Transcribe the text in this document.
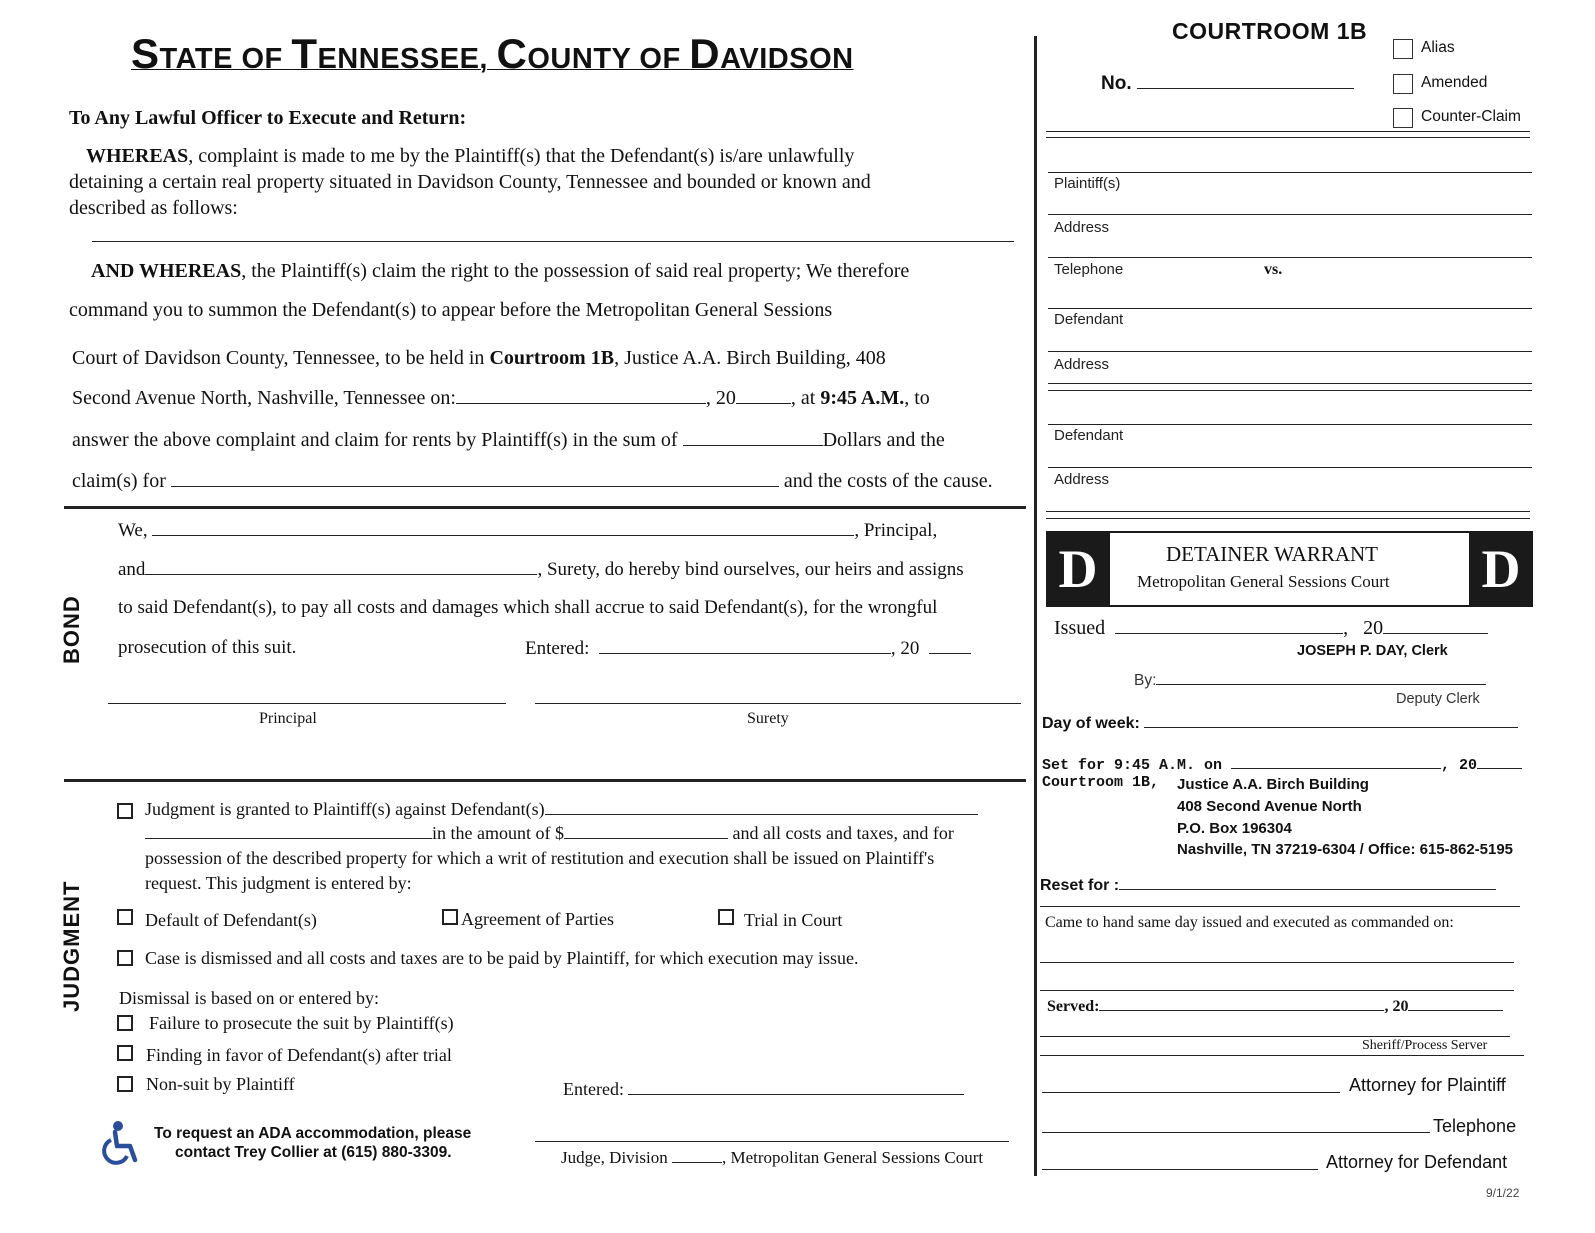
STATE OF TENNESSEE, COUNTY OF DAVIDSON
To Any Lawful Officer to Execute and Return:
WHEREAS, complaint is made to me by the Plaintiff(s) that the Defendant(s) is/are unlawfully
detaining a certain real property situated in Davidson County, Tennessee and bounded or known and
described as follows:
AND WHEREAS, the Plaintiff(s) claim the right to the possession of said real property; We therefore
command you to summon the Defendant(s) to appear before the Metropolitan General Sessions
Court of Davidson County, Tennessee, to be held in Courtroom 1B, Justice A.A. Birch Building, 408
Second Avenue North, Nashville, Tennessee on:	, 20	, at 9:45 A.M., to
answer the above complaint and claim for rents by Plaintiff(s) in the sum of	Dollars and the
claim(s) for	and the costs of the cause.
BOND
We,	, Principal,
and	, Surety, do hereby bind ourselves, our heirs and assigns
to said Defendant(s), to pay all costs and damages which shall accrue to said Defendant(s), for the wrongful
prosecution of this suit.	Entered:	, 20
Principal	Surety
JUDGMENT
Judgment is granted to Plaintiff(s) against Defendant(s)
in the amount of $	and all costs and taxes, and for
possession of the described property for which a writ of restitution and execution shall be issued on Plaintiff's
request. This judgment is entered by:
Default of Defendant(s)	Agreement of Parties	Trial in Court
Case is dismissed and all costs and taxes are to be paid by Plaintiff, for which execution may issue.
Dismissal is based on or entered by:
Failure to prosecute the suit by Plaintiff(s)
Finding in favor of Defendant(s) after trial
Non-suit by Plaintiff	Entered:
Judge, Division	, Metropolitan General Sessions Court
To request an ADA accommodation, please
contact Trey Collier at (615) 880-3309.
COURTROOM 1B
No.
Alias
Amended
Counter-Claim
Plaintiff(s)
Address
Telephone	vs.
Defendant
Address
Defendant
Address
D	D
DETAINER WARRANT
Metropolitan General Sessions Court
Issued	, 20
JOSEPH P. DAY, Clerk
By:
Deputy Clerk
Day of week:
Set for 9:45 A.M. on	, 20
Courtroom 1B, Justice A.A. Birch Building
408 Second Avenue North
P.O. Box 196304
Nashville, TN 37219-6304 / Office: 615-862-5195
Reset for :
Came to hand same day issued and executed as commanded on:
Served:	, 20
Sheriff/Process Server
Attorney for Plaintiff
Telephone
Attorney for Defendant
9/1/22
